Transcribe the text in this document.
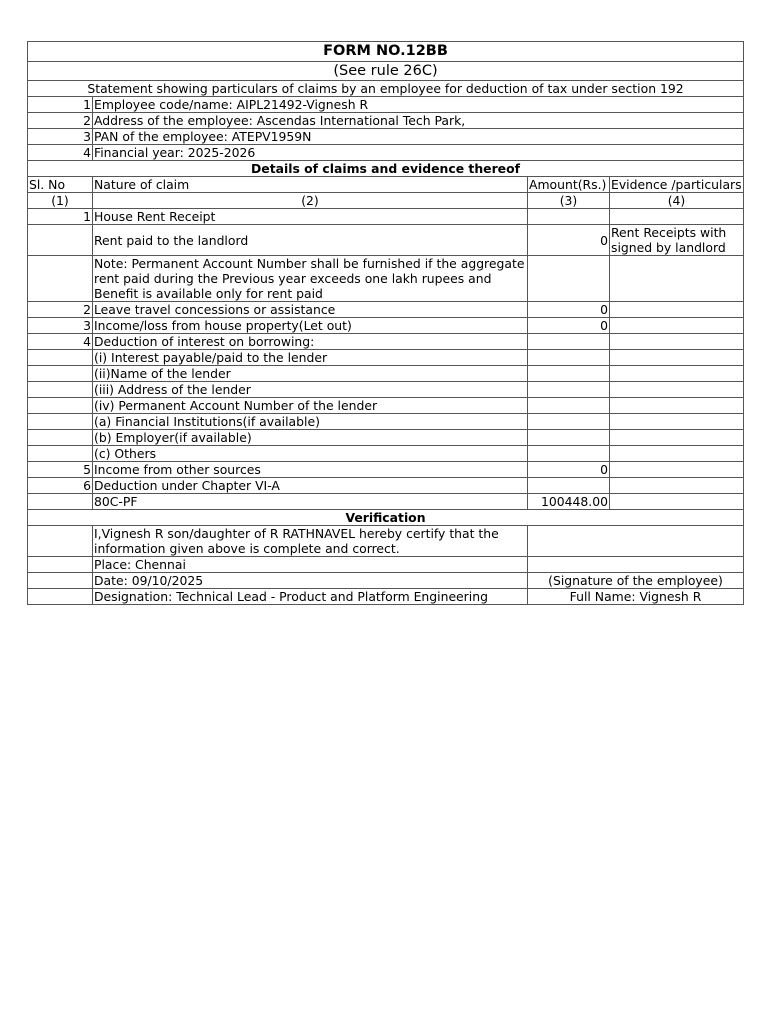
FORM NO.12BB			
(See rule 26C)			
Statement showing particulars of claims by an employee for deduction of tax under section 192			
1	Employee code/name: AIPL21492-Vignesh R		
2	Address of the employee: Ascendas International Tech Park,		
3	PAN of the employee: ATEPV1959N		
4	Financial year: 2025-2026		
Details of claims and evidence thereof			
Sl. No	Nature of claim	Amount(Rs.)	Evidence /particulars
(1)	(2)	(3)	(4)
1	House Rent Receipt		
	Rent paid to the landlord	0	Rent Receipts with signed by landlord
	Note: Permanent Account Number shall be furnished if the aggregate rent paid during the Previous year exceeds one lakh rupees and Benefit is available only for rent paid		
2	Leave travel concessions or assistance	0	
3	Income/loss from house property(Let out)	0	
4	Deduction of interest on borrowing:		
	(i) Interest payable/paid to the lender		
	(ii)Name of the lender		
	(iii) Address of the lender		
	(iv) Permanent Account Number of the lender		
	(a) Financial Institutions(if available)		
	(b) Employer(if available)		
	(c) Others		
5	Income from other sources	0	
6	Deduction under Chapter VI-A		
	80C-PF	100448.00	
Verification			
	I,Vignesh R son/daughter of R RATHNAVEL hereby certify that the information given above is complete and correct.		
	Place: Chennai		
	Date: 09/10/2025	(Signature of the employee)	
	Designation: Technical Lead - Product and Platform Engineering	Full Name: Vignesh R	
